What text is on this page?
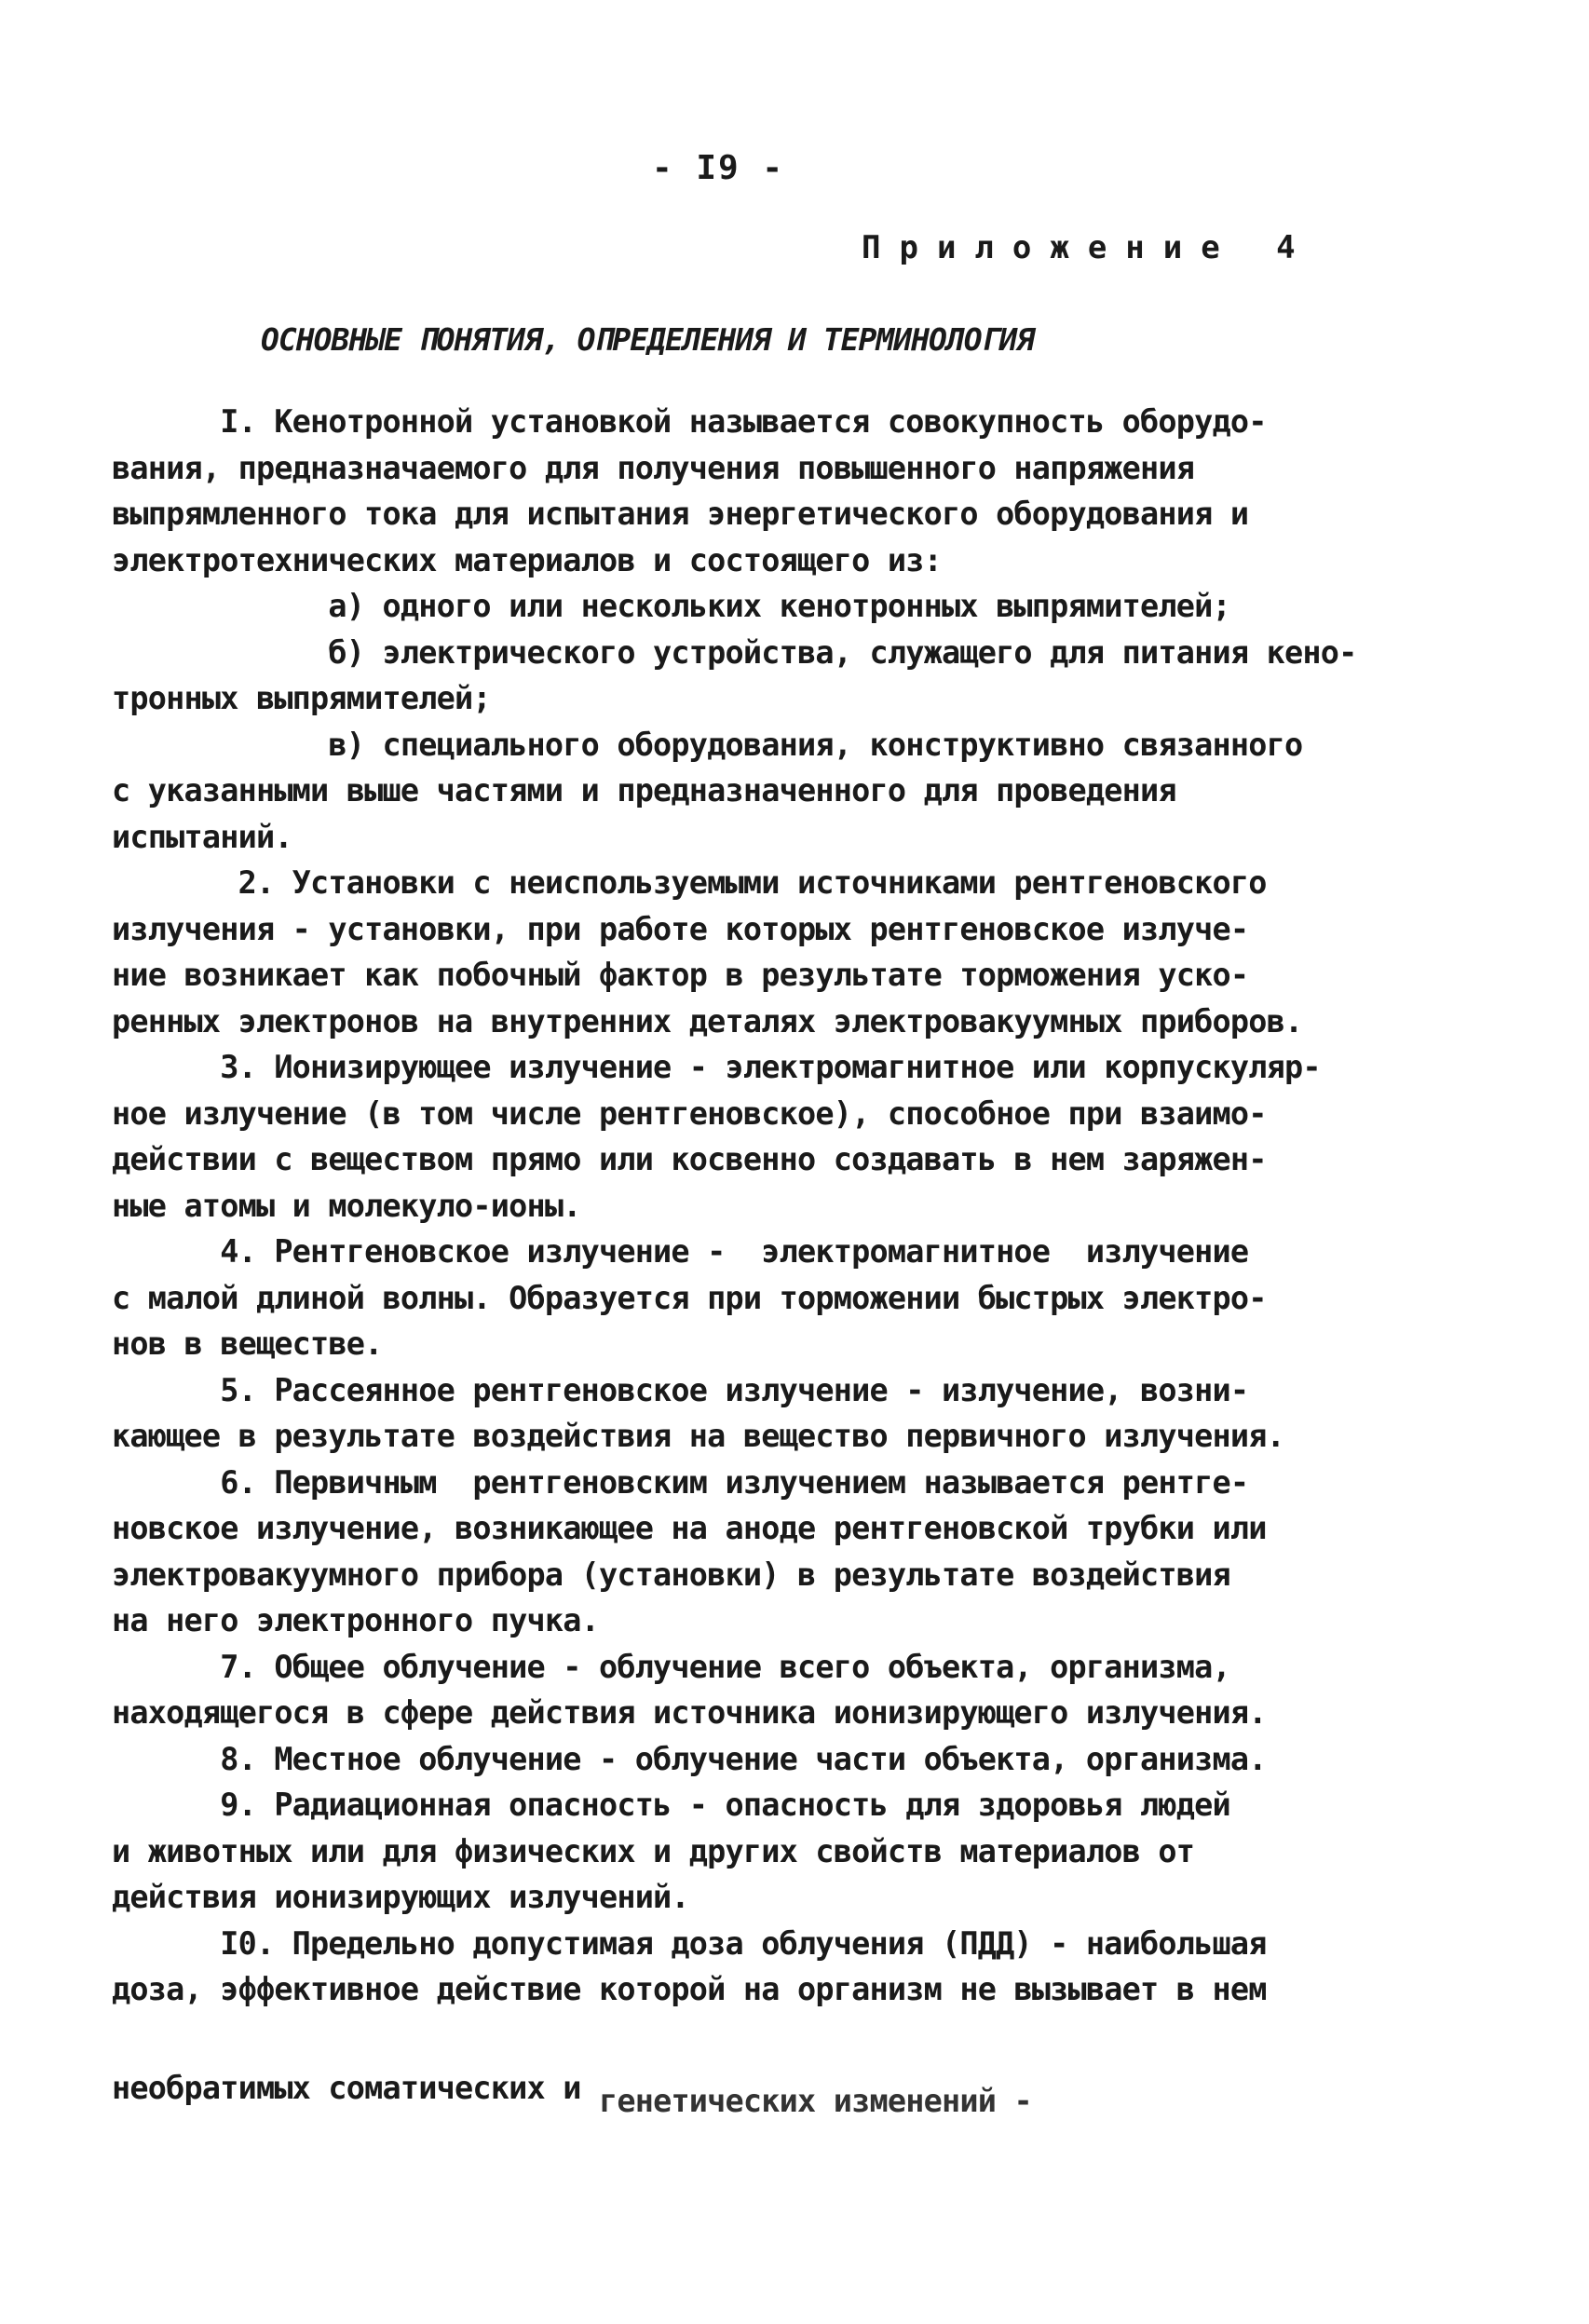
- I9 -
Приложение 4
ОСНОВНЫЕ ПОНЯТИЯ, ОПРЕДЕЛЕНИЯ И ТЕРМИНОЛОГИЯ
I. Кенотронной установкой называется совокупность оборудо-
вания, предназначаемого для получения повышенного напряжения
выпрямленного тока для испытания энергетического оборудования и
электротехнических материалов и состоящего из:
а) одного или нескольких кенотронных выпрямителей;
б) электрического устройства, служащего для питания кено-
тронных выпрямителей;
в) специального оборудования, конструктивно связанного
с указанными выше частями и предназначенного для проведения
испытаний.
2. Установки с неиспользуемыми источниками рентгеновского
излучения - установки, при работе которых рентгеновское излуче-
ние возникает как побочный фактор в результате торможения уско-
ренных электронов на внутренних деталях электровакуумных приборов.
3. Ионизирующее излучение - электромагнитное или корпускуляр-
ное излучение (в том числе рентгеновское), способное при взаимо-
действии с веществом прямо или косвенно создавать в нем заряжен-
ные атомы и молекуло-ионы.
4. Рентгеновское излучение -  электромагнитное  излучение
с малой длиной волны. Образуется при торможении быстрых электро-
нов в веществе.
5. Рассеянное рентгеновское излучение - излучение, возни-
кающее в результате воздействия на вещество первичного излучения.
6. Первичным  рентгеновским излучением называется рентге-
новское излучение, возникающее на аноде рентгеновской трубки или
электровакуумного прибора (установки) в результате воздействия
на него электронного пучка.
7. Общее облучение - облучение всего объекта, организма,
находящегося в сфере действия источника ионизирующего излучения.
8. Местное облучение - облучение части объекта, организма.
9. Радиационная опасность - опасность для здоровья людей
и животных или для физических и других свойств материалов от
действия ионизирующих излучений.
I0. Предельно допустимая доза облучения (ПДД) - наибольшая
доза, эффективное действие которой на организм не вызывает в нем
необратимых соматических и генетических изменений -
